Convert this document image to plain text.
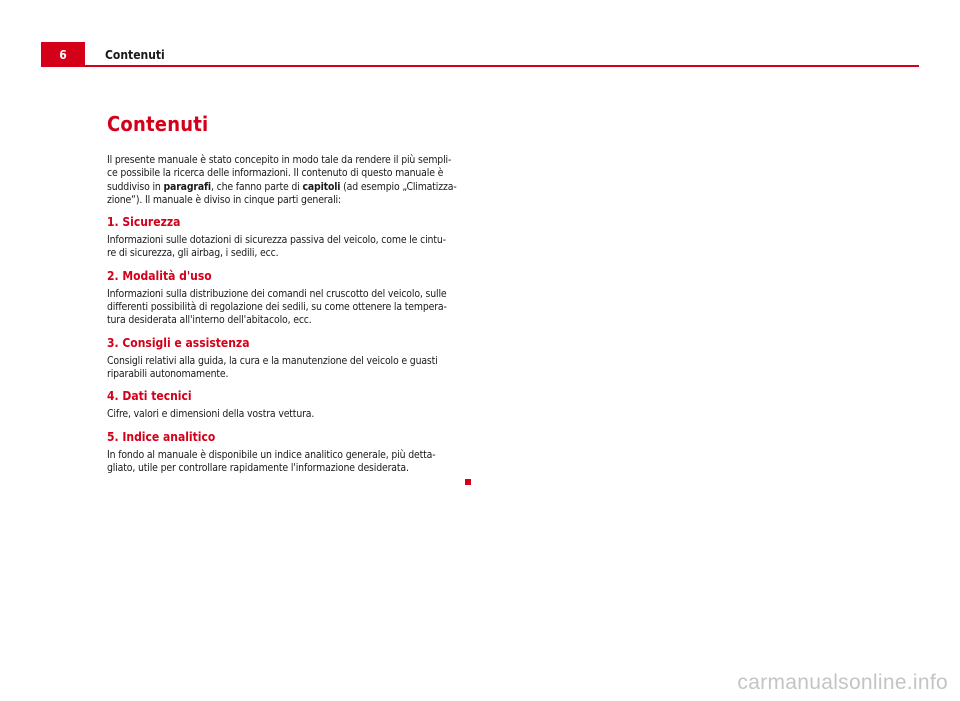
6	Contenuti
Contenuti

Il presente manuale è stato concepito in modo tale da rendere il più sempli-

ce possibile la ricerca delle informazioni. Il contenuto di questo manuale è

suddiviso in paragrafi, che fanno parte di capitoli (ad esempio „Climatizza-

zione“). Il manuale è diviso in cinque parti generali:

1. Sicurezza

Informazioni sulle dotazioni di sicurezza passiva del veicolo, come le cintu-

re di sicurezza, gli airbag, i sedili, ecc.

2. Modalità d'uso

Informazioni sulla distribuzione dei comandi nel cruscotto del veicolo, sulle

differenti possibilità di regolazione dei sedili, su come ottenere la tempera-

tura desiderata all'interno dell'abitacolo, ecc.

3. Consigli e assistenza

Consigli relativi alla guida, la cura e la manutenzione del veicolo e guasti

riparabili autonomamente.

4. Dati tecnici

Cifre, valori e dimensioni della vostra vettura.

5. Indice analitico

In fondo al manuale è disponibile un indice analitico generale, più detta-

gliato, utile per controllare rapidamente l'informazione desiderata.

carmanualsonline.info
